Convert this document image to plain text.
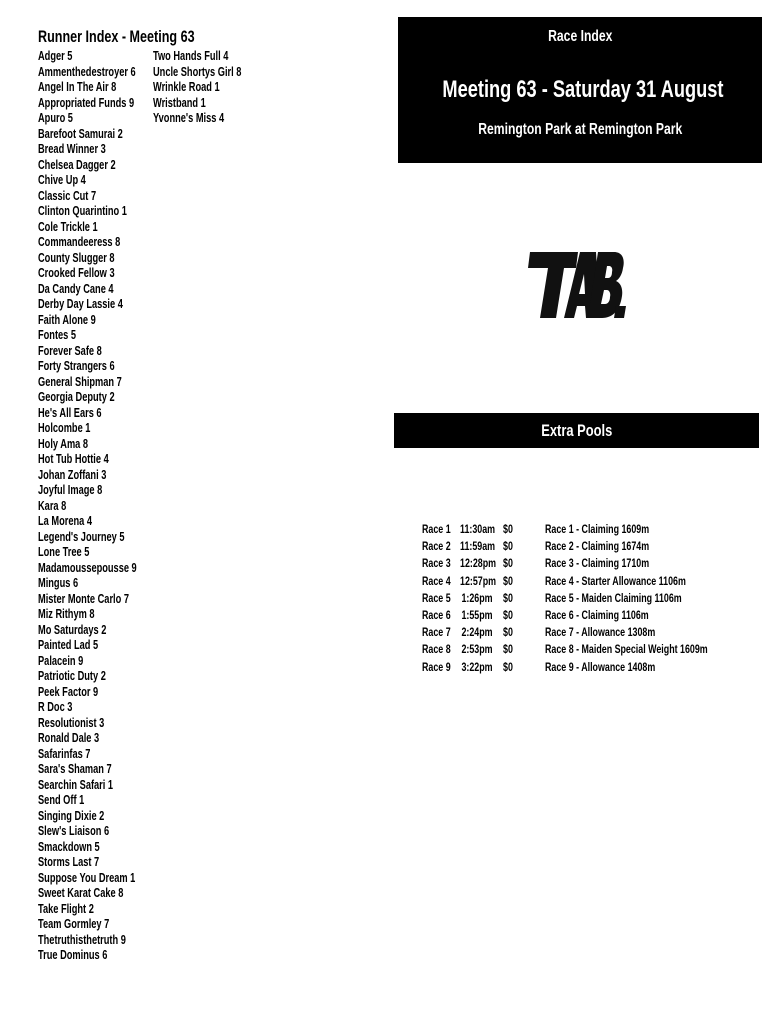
Runner Index - Meeting 63
Adger 5
Ammenthedestroyer 6
Angel In The Air 8
Appropriated Funds 9
Apuro 5
Barefoot Samurai 2
Bread Winner 3
Chelsea Dagger 2
Chive Up 4
Classic Cut 7
Clinton Quarintino 1
Cole Trickle 1
Commandeeress 8
County Slugger 8
Crooked Fellow 3
Da Candy Cane 4
Derby Day Lassie 4
Faith Alone 9
Fontes 5
Forever Safe 8
Forty Strangers 6
General Shipman 7
Georgia Deputy 2
He's All Ears 6
Holcombe 1
Holy Ama 8
Hot Tub Hottie 4
Johan Zoffani 3
Joyful Image 8
Kara 8
La Morena 4
Legend's Journey 5
Lone Tree 5
Madamoussepousse 9
Mingus 6
Mister Monte Carlo 7
Miz Rithym 8
Mo Saturdays 2
Painted Lad 5
Palacein 9
Patriotic Duty 2
Peek Factor 9
R Doc 3
Resolutionist 3
Ronald Dale 3
Safarinfas 7
Sara's Shaman 7
Searchin Safari 1
Send Off 1
Singing Dixie 2
Slew's Liaison 6
Smackdown 5
Storms Last 7
Suppose You Dream 1
Sweet Karat Cake 8
Take Flight 2
Team Gormley 7
Thetruthisthetruth 9
True Dominus 6
Two Hands Full 4
Uncle Shortys Girl 8
Wrinkle Road 1
Wristband 1
Yvonne's Miss 4
Race Index
Meeting 63 - Saturday 31 August
Remington Park at Remington Park
Extra Pools
Race 1 11:30am $0	Race 1 - Claiming 1609m
Race 2 11:59am $0	Race 2 - Claiming 1674m
Race 3 12:28pm $0	Race 3 - Claiming 1710m
Race 4 12:57pm $0	Race 4 - Starter Allowance 1106m
Race 5 1:26pm $0	Race 5 - Maiden Claiming 1106m
Race 6 1:55pm $0	Race 6 - Claiming 1106m
Race 7 2:24pm $0	Race 7 - Allowance 1308m
Race 8 2:53pm $0	Race 8 - Maiden Special Weight 1609m
Race 9 3:22pm $0	Race 9 - Allowance 1408m
